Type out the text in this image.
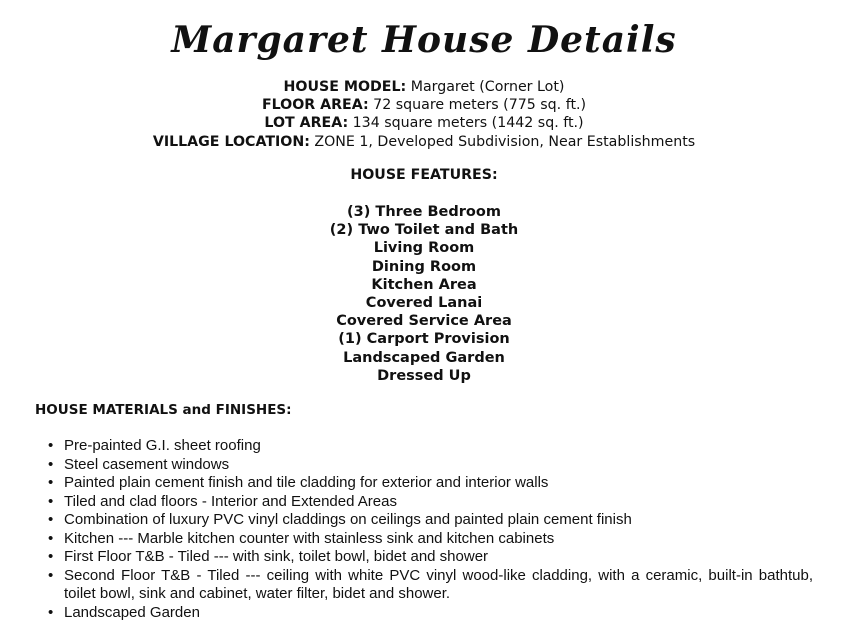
Margaret House Details
HOUSE MODEL: Margaret (Corner Lot)
FLOOR AREA: 72 square meters (775 sq. ft.)
LOT AREA: 134 square meters (1442 sq. ft.)
VILLAGE LOCATION: ZONE 1, Developed Subdivision, Near Establishments
HOUSE FEATURES:
(3) Three Bedroom
(2) Two Toilet and Bath
Living Room
Dining Room
Kitchen Area
Covered Lanai
Covered Service Area
(1) Carport Provision
Landscaped Garden
Dressed Up
HOUSE MATERIALS and FINISHES:
• Pre-painted G.I. sheet roofing
• Steel casement windows
• Painted plain cement finish and tile cladding for exterior and interior walls
• Tiled and clad floors - Interior and Extended Areas
• Combination of luxury PVC vinyl claddings on ceilings and painted plain cement finish
• Kitchen --- Marble kitchen counter with stainless sink and kitchen cabinets
• First Floor T&B - Tiled --- with sink, toilet bowl, bidet and shower
• Second Floor T&B - Tiled --- ceiling with white PVC vinyl wood-like cladding, with a ceramic, built-in bathtub, toilet bowl, sink and cabinet, water filter, bidet and shower.
• Landscaped Garden
